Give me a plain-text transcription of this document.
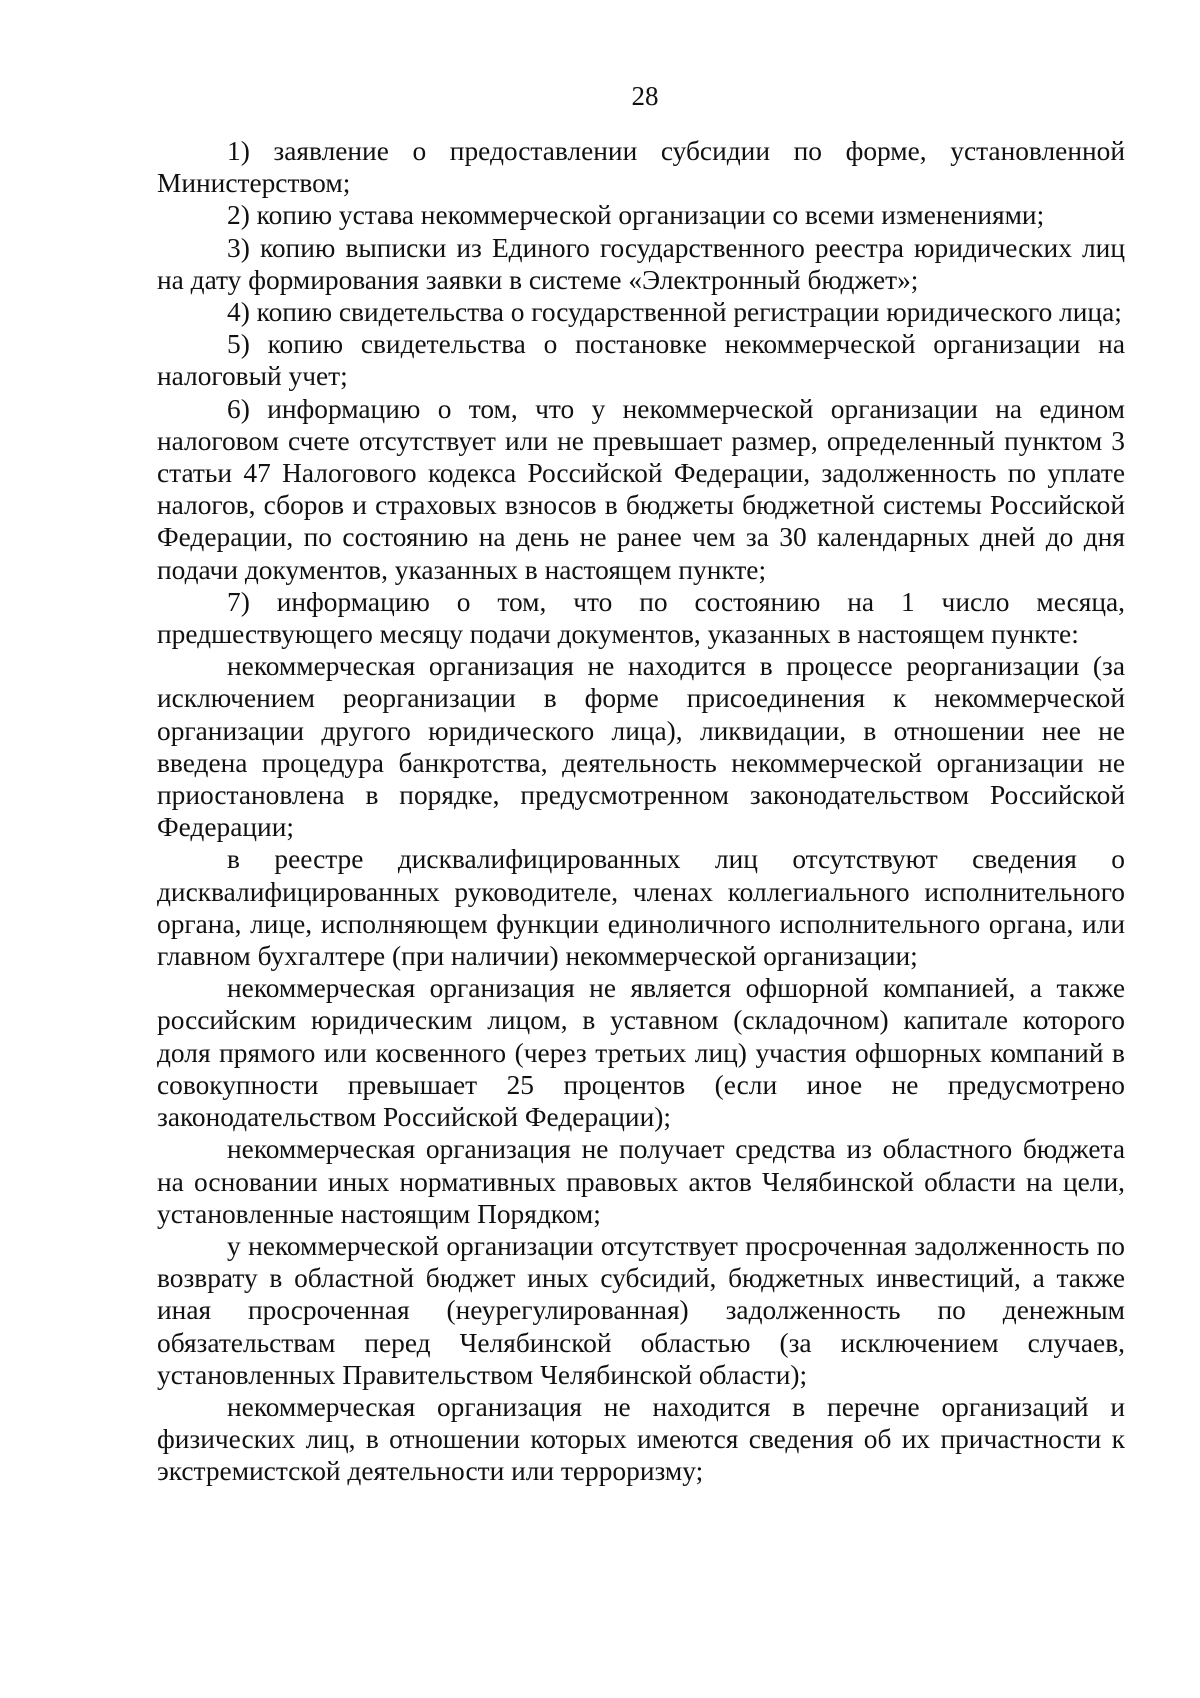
28

1) заявление о предоставлении субсидии по форме, установленной Министерством;

2) копию устава некоммерческой организации со всеми изменениями;

3) копию выписки из Единого государственного реестра юридических лиц на дату формирования заявки в системе «Электронный бюджет»;

4) копию свидетельства о государственной регистрации юридического лица;

5) копию свидетельства о постановке некоммерческой организации на налоговый учет;

6) информацию о том, что у некоммерческой организации на едином налоговом счете отсутствует или не превышает размер, определенный пунктом 3 статьи 47 Налогового кодекса Российской Федерации, задолженность по уплате налогов, сборов и страховых взносов в бюджеты бюджетной системы Российской Федерации, по состоянию на день не ранее чем за 30 календарных дней до дня подачи документов, указанных в настоящем пункте;

7) информацию о том, что по состоянию на 1 число месяца, предшествующего месяцу подачи документов, указанных в настоящем пункте:

некоммерческая организация не находится в процессе реорганизации (за исключением реорганизации в форме присоединения к некоммерческой организации другого юридического лица), ликвидации, в отношении нее не введена процедура банкротства, деятельность некоммерческой организации не приостановлена в порядке, предусмотренном законодательством Российской Федерации;

в реестре дисквалифицированных лиц отсутствуют сведения о дисквалифицированных руководителе, членах коллегиального исполнительного органа, лице, исполняющем функции единоличного исполнительного органа, или главном бухгалтере (при наличии) некоммерческой организации;

некоммерческая организация не является офшорной компанией, а также российским юридическим лицом, в уставном (складочном) капитале которого доля прямого или косвенного (через третьих лиц) участия офшорных компаний в совокупности превышает 25 процентов (если иное не предусмотрено законодательством Российской Федерации);

некоммерческая организация не получает средства из областного бюджета на основании иных нормативных правовых актов Челябинской области на цели, установленные настоящим Порядком;

у некоммерческой организации отсутствует просроченная задолженность по возврату в областной бюджет иных субсидий, бюджетных инвестиций, а также иная просроченная (неурегулированная) задолженность по денежным обязательствам перед Челябинской областью (за исключением случаев, установленных Правительством Челябинской области);

некоммерческая организация не находится в перечне организаций и физических лиц, в отношении которых имеются сведения об их причастности к экстремистской деятельности или терроризму;
